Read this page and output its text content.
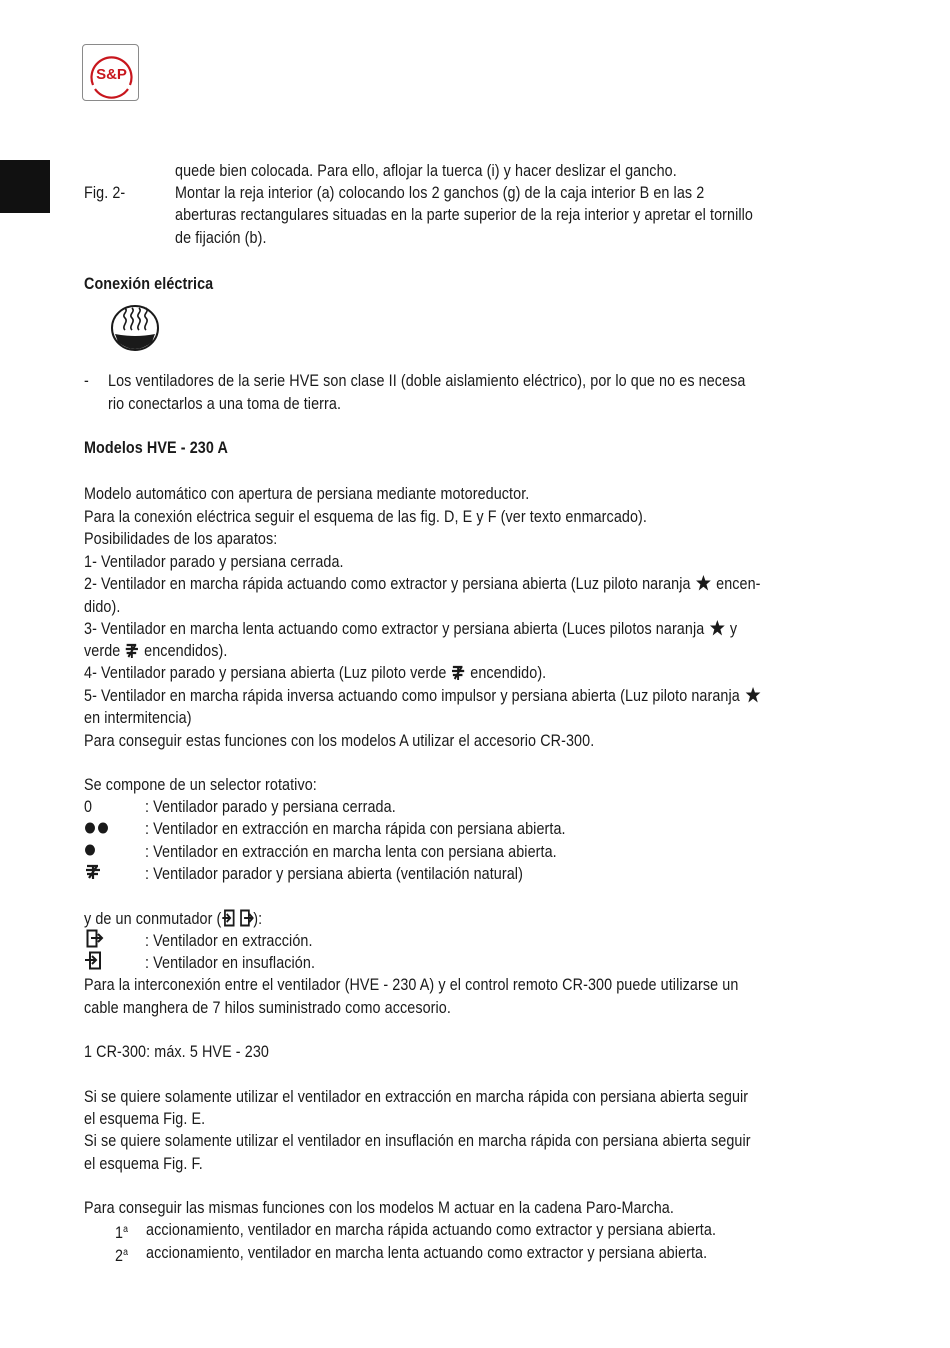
S&P
quede bien colocada. Para ello, aflojar la tuerca (i) y hacer deslizar el gancho.
Fig. 2-	Montar la reja interior (a) colocando los 2 ganchos (g) de la caja interior B en las 2
aberturas rectangulares situadas en la parte superior de la reja interior y apretar el tornillo
de fijación (b).
Conexión eléctrica
- Los ventiladores de la serie HVE son clase II (doble aislamiento eléctrico), por lo que no es necesa
rio conectarlos a una toma de tierra.
Modelos HVE - 230 A
Modelo automático con apertura de persiana mediante motoreductor.
Para la conexión eléctrica seguir el esquema de las fig. D, E y F (ver texto enmarcado).
Posibilidades de los aparatos:
1- Ventilador parado y persiana cerrada.
2- Ventilador en marcha rápida actuando como extractor y persiana abierta (Luz piloto naranja encen-
dido).
3- Ventilador en marcha lenta actuando como extractor y persiana abierta (Luces pilotos naranja y
verde encendidos).
4- Ventilador parado y persiana abierta (Luz piloto verde encendido).
5- Ventilador en marcha rápida inversa actuando como impulsor y persiana abierta (Luz piloto naranja
en intermitencia)
Para conseguir estas funciones con los modelos A utilizar el accesorio CR-300.
Se compone de un selector rotativo:
0	: Ventilador parado y persiana cerrada.
: Ventilador en extracción en marcha rápida con persiana abierta.
: Ventilador en extracción en marcha lenta con persiana abierta.
: Ventilador parador y persiana abierta (ventilación natural)
y de un conmutador ( ):
: Ventilador en extracción.
: Ventilador en insuflación.
Para la interconexión entre el ventilador (HVE - 230 A) y el control remoto CR-300 puede utilizarse un
cable manghera de 7 hilos suministrado como accesorio.
1 CR-300: máx. 5 HVE - 230
Si se quiere solamente utilizar el ventilador en extracción en marcha rápida con persiana abierta seguir
el esquema Fig. E.
Si se quiere solamente utilizar el ventilador en insuflación en marcha rápida con persiana abierta seguir
el esquema Fig. F.
Para conseguir las mismas funciones con los modelos M actuar en la cadena Paro-Marcha.
1$^a$ accionamiento, ventilador en marcha rápida actuando como extractor y persiana abierta.
2$^a$ accionamiento, ventilador en marcha lenta actuando como extractor y persiana abierta.
